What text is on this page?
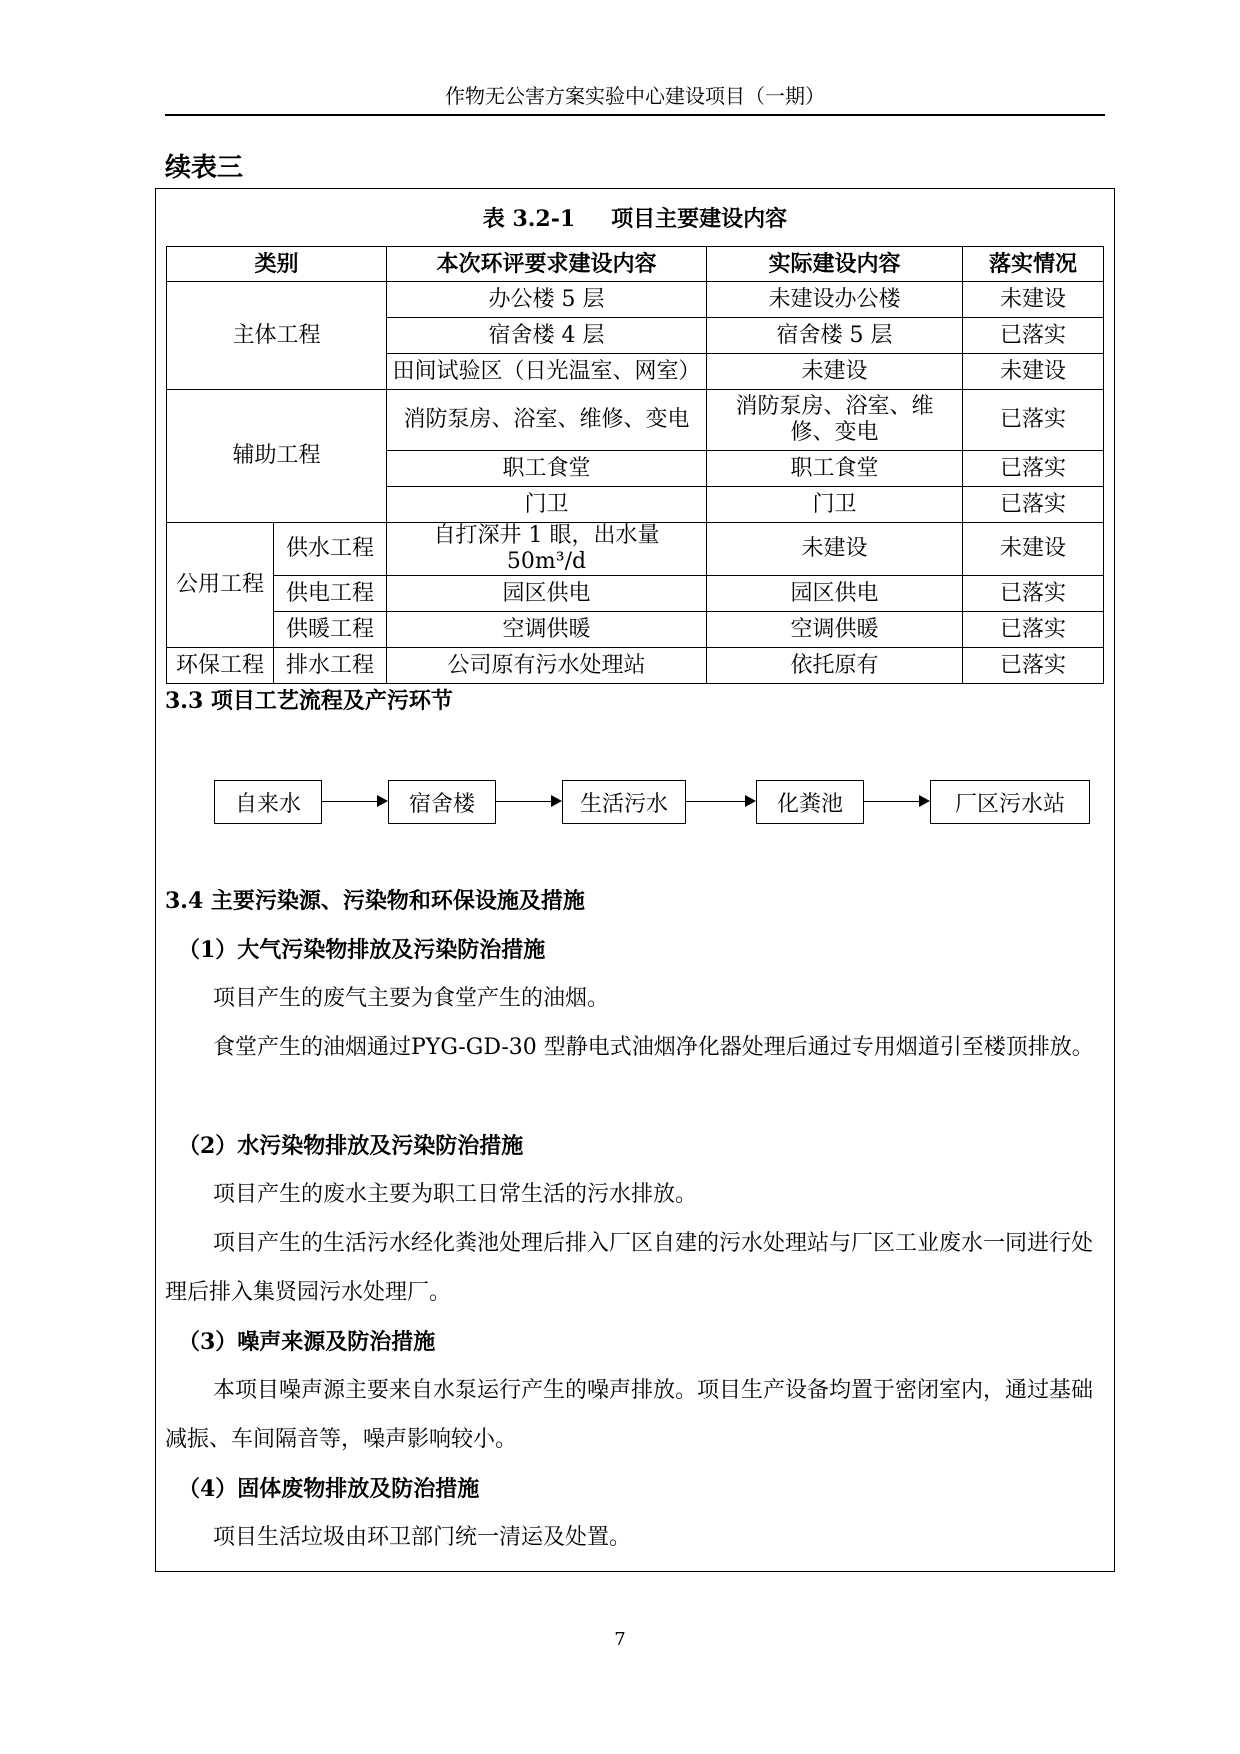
作物无公害方案实验中心建设项目（一期）
续表三
表 3.2-1 项目主要建设内容
类别		本次环评要求建设内容	实际建设内容	落实情况
主体工程		办公楼 5 层	未建设办公楼	未建设
		宿舍楼 4 层	宿舍楼 5 层	已落实
		田间试验区（日光温室、网室）	未建设	未建设
辅助工程		消防泵房、浴室、维修、变电	消防泵房、浴室、维修、变电	已落实
		职工食堂	职工食堂	已落实
		门卫	门卫	已落实
公用工程	供水工程	自打深井 1 眼，出水量 50m³/d	未建设	未建设
	供电工程	园区供电	园区供电	已落实
	供暖工程	空调供暖	空调供暖	已落实
环保工程	排水工程	公司原有污水处理站	依托原有	已落实
3.3 项目工艺流程及产污环节
自来水	宿舍楼	生活污水	化粪池	厂区污水站
3.4 主要污染源、污染物和环保设施及措施
（1）大气污染物排放及污染防治措施
项目产生的废气主要为食堂产生的油烟。
食堂产生的油烟通过PYG-GD-30 型静电式油烟净化器处理后通过专用烟道引至楼顶排放。
（2）水污染物排放及污染防治措施
项目产生的废水主要为职工日常生活的污水排放。
项目产生的生活污水经化粪池处理后排入厂区自建的污水处理站与厂区工业废水一同进行处理后排入集贤园污水处理厂。
（3）噪声来源及防治措施
本项目噪声源主要来自水泵运行产生的噪声排放。项目生产设备均置于密闭室内，通过基础减振、车间隔音等，噪声影响较小。
（4）固体废物排放及防治措施
项目生活垃圾由环卫部门统一清运及处置。
7
